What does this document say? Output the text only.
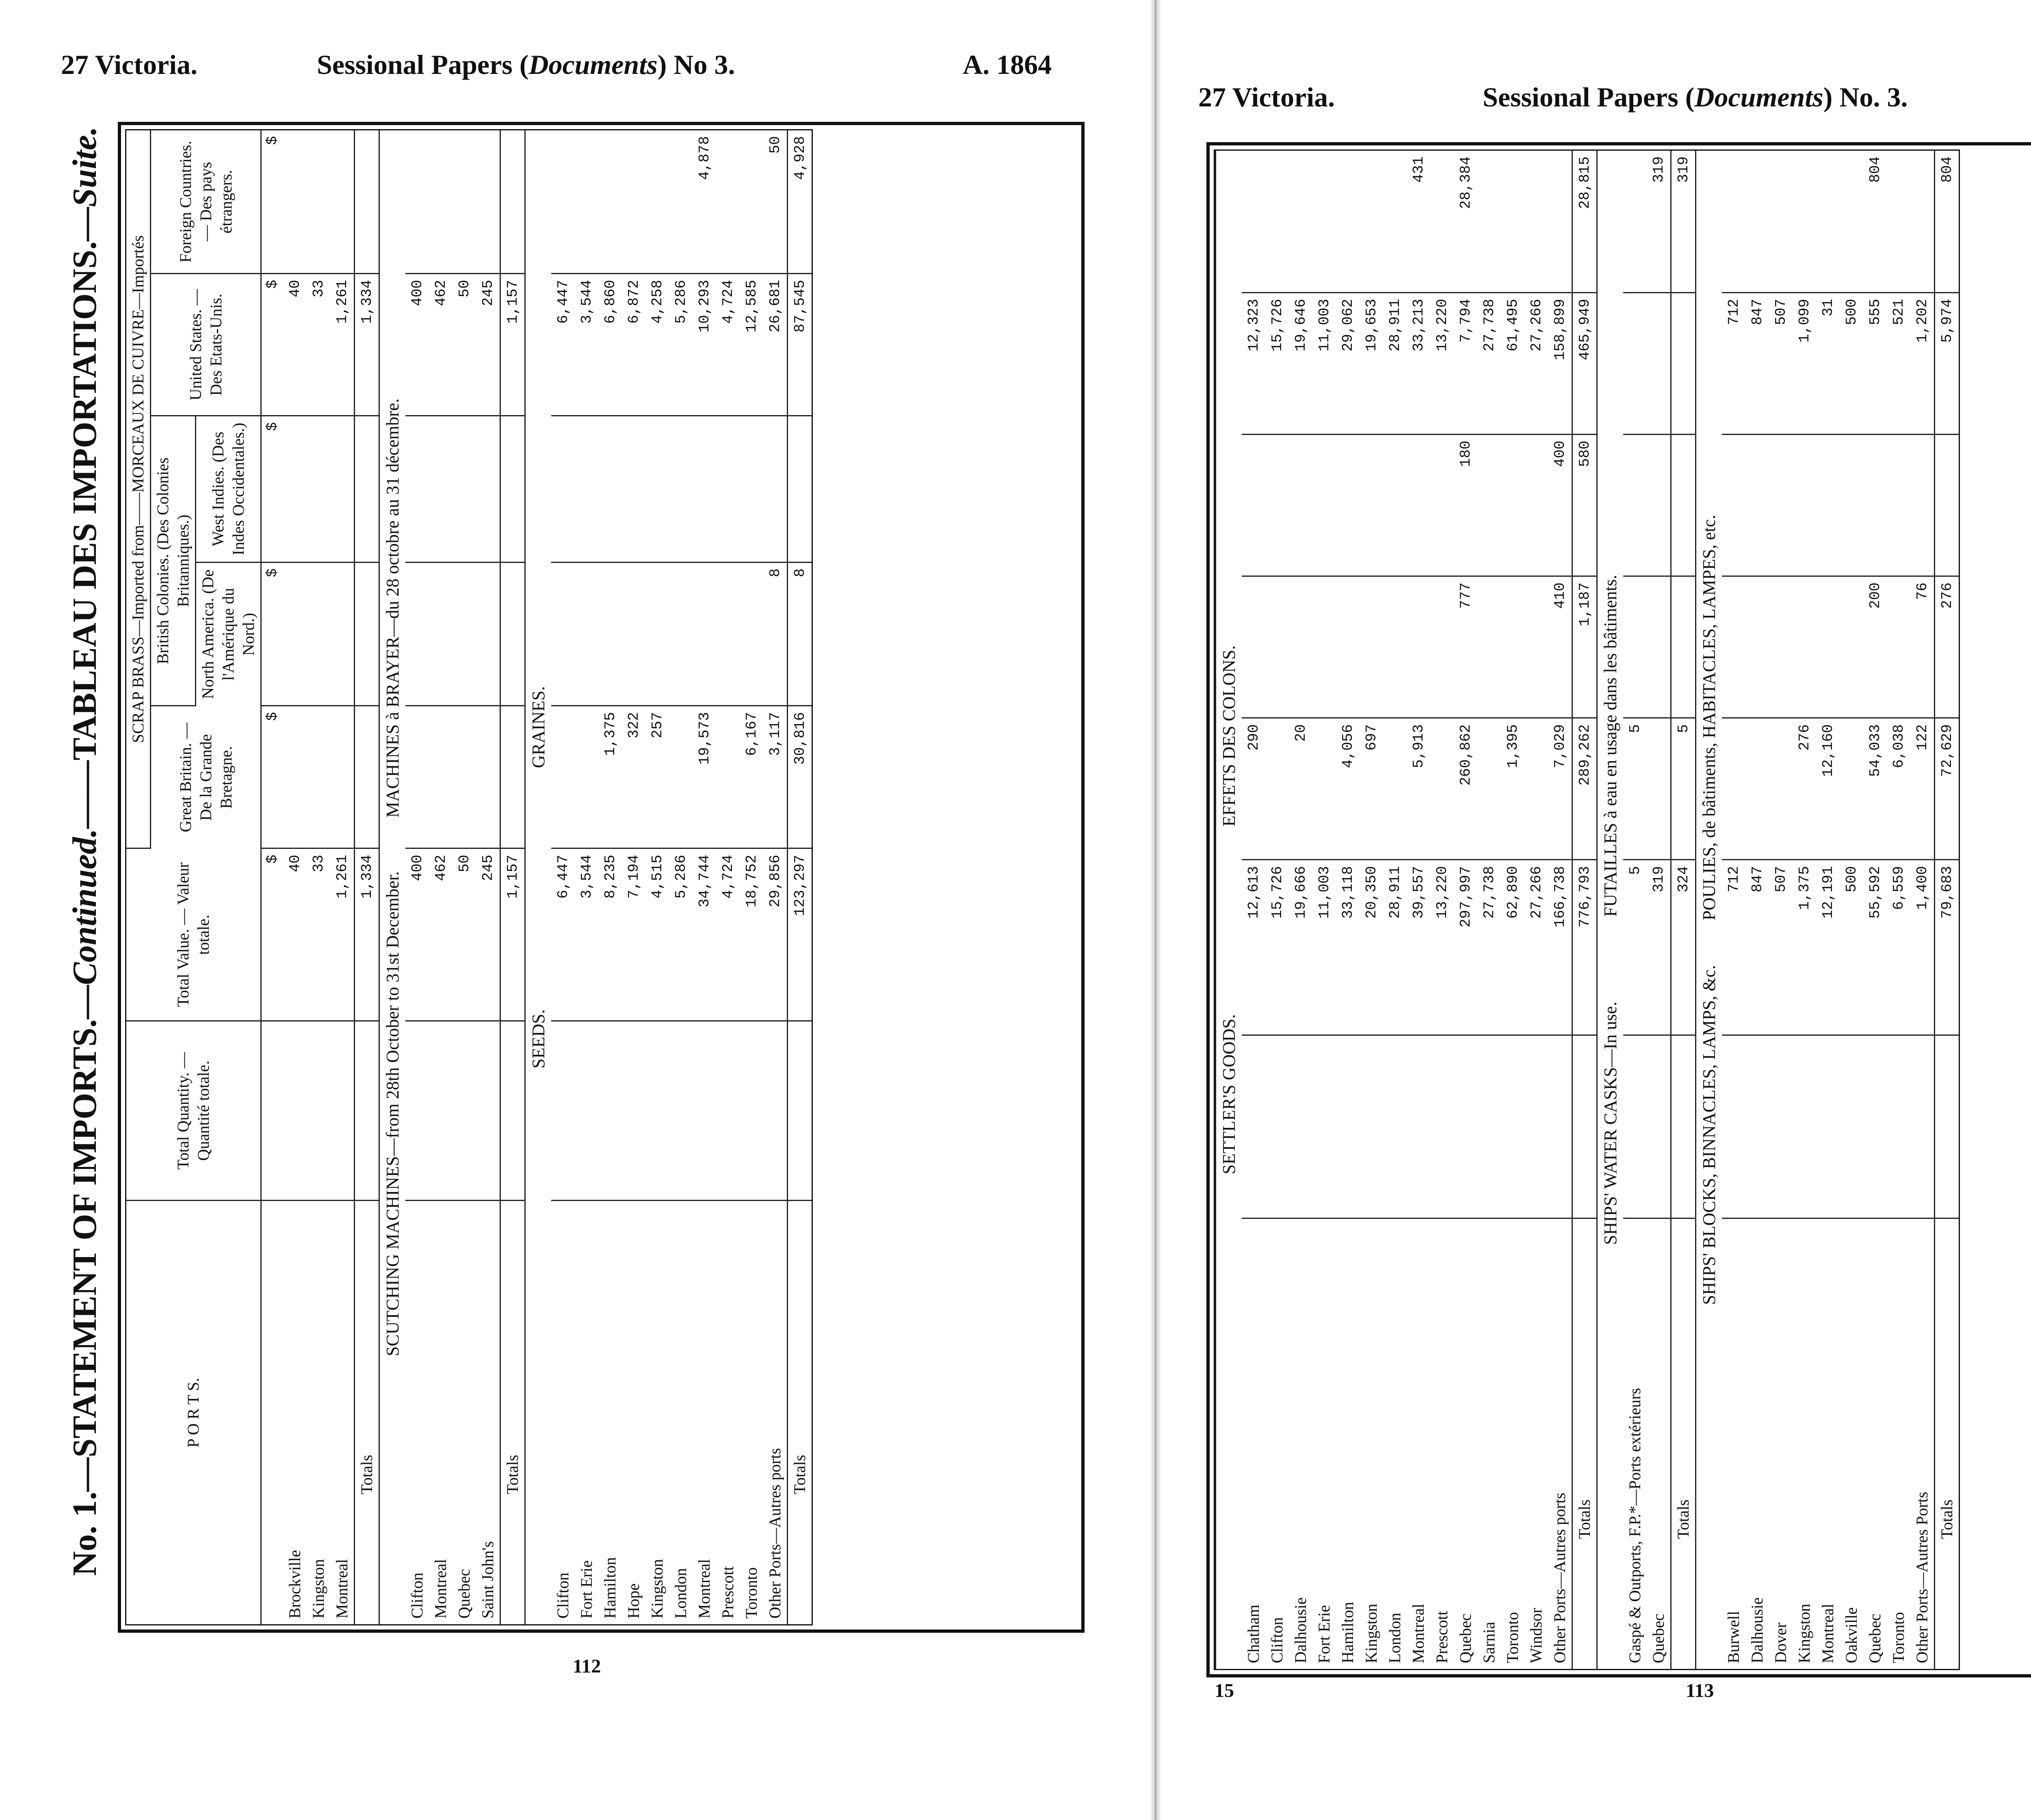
27 Victoria.	Sessional Papers (Documents) No 3.	A. 1864
No. 1.—STATEMENT OF IMPORTS.—Continued.——TABLEAU DES IMPORTATIONS.—Suite.
P O R T S.	Total Quantity. — Quantité totale.	Total Value. — Valeur totale.	SCRAP BRASS—Imported from——MORCEAUX DE CUIVRE—Importés				
			Great Britain. — De la Grande Bretagne.	British Colonies. (Des Colonies Britanniques.)		United States. — Des Etats-Unis.	Foreign Countries. — Des pays étrangers.
				North America. (De l'Amérique du Nord.)	West Indies. (Des Indes Occidentales.)		
		$	$	$	$	$	$
Brockville		40				40	
Kingston		33				33	
Montreal		1,261				1,261	
Totals		1,334				1,334	
SCUTCHING MACHINES—from 28th October to 31st December.            MACHINES à BRAYER—du 28 octobre au 31 décembre.							
Clifton		400				400	
Montreal		462				462	
Quebec		50				50	
Saint John's		245				245	
Totals		1,157				1,157	
SEEDS.                                                      GRAINES.							
Clifton		6,447				6,447	
Fort Erie		3,544				3,544	
Hamilton		8,235	1,375			6,860	
Hope		7,194	322			6,872	
Kingston		4,515	257			4,258	
London		5,286				5,286	
Montreal		34,744	19,573			10,293	4,878
Prescott		4,724				4,724	
Toronto		18,752	6,167			12,585	
Other Ports—Autres ports		29,856	3,117	8		26,681	50
Totals		123,297	30,816	8		87,545	4,928
112
27 Victoria.	Sessional Papers (Documents) No. 3.
SETTLER'S GOODS.                                          EFFETS DES COLONS.							
Chatham		12,613	290			12,323	
Clifton		15,726				15,726	
Dalhousie		19,666	20			19,646	
Fort Erie		11,003				11,003	
Hamilton		33,118	4,056			29,062	
Kingston		20,350	697			19,653	
London		28,911				28,911	
Montreal		39,557	5,913			33,213	431
Prescott		13,220				13,220	
Quebec		297,997	260,862	777	180	7,794	28,384
Sarnia		27,738				27,738	
Toronto		62,890	1,395			61,495	
Windsor		27,266				27,266	
Other Ports—Autres ports		166,738	7,029	410	400	158,899	
Totals		776,793	289,262	1,187	580	465,949	28,815
SHIPS' WATER CASKS—In use.                   FUTAILLES à eau en usage dans les bâtiments.							
Gaspé & Outports, F.P.*—Ports extérieurs		5	5				
Quebec		319					319
Totals		324	5				319
SHIPS' BLOCKS, BINNACLES, LAMPS, &c.          POULIES, de bâtiments, HABITACLES, LAMPES, etc.							
Burwell		712				712	
Dalhousie		847				847	
Dover		507				507	
Kingston		1,375	276			1,099	
Montreal		12,191	12,160			31	
Oakville		500				500	
Quebec		55,592	54,033	200		555	804
Toronto		6,559	6,038			521	
Other Ports—Autres Ports		1,400	122	76		1,202	
Totals		79,683	72,629	276		5,974	804
15	113
